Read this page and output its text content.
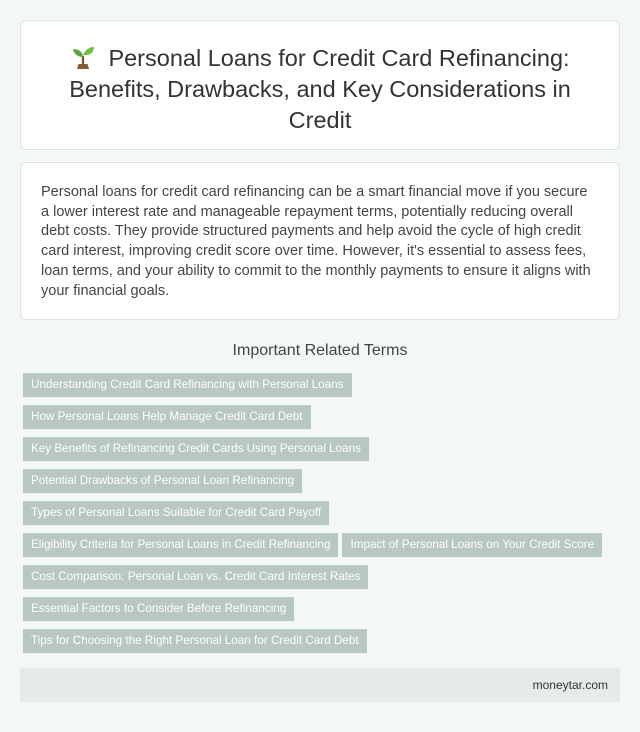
Personal Loans for Credit Card Refinancing: Benefits, Drawbacks, and Key Considerations in Credit

Personal loans for credit card refinancing can be a smart financial move if you secure a lower interest rate and manageable repayment terms, potentially reducing overall debt costs. They provide structured payments and help avoid the cycle of high credit card interest, improving credit score over time. However, it's essential to assess fees, loan terms, and your ability to commit to the monthly payments to ensure it aligns with your financial goals.

Important Related Terms
Understanding Credit Card Refinancing with Personal Loans
How Personal Loans Help Manage Credit Card Debt
Key Benefits of Refinancing Credit Cards Using Personal Loans
Potential Drawbacks of Personal Loan Refinancing
Types of Personal Loans Suitable for Credit Card Payoff
Eligibility Criteria for Personal Loans in Credit Refinancing Impact of Personal Loans on Your Credit Score
Cost Comparison: Personal Loan vs. Credit Card Interest Rates
Essential Factors to Consider Before Refinancing
Tips for Choosing the Right Personal Loan for Credit Card Debt
moneytar.com
